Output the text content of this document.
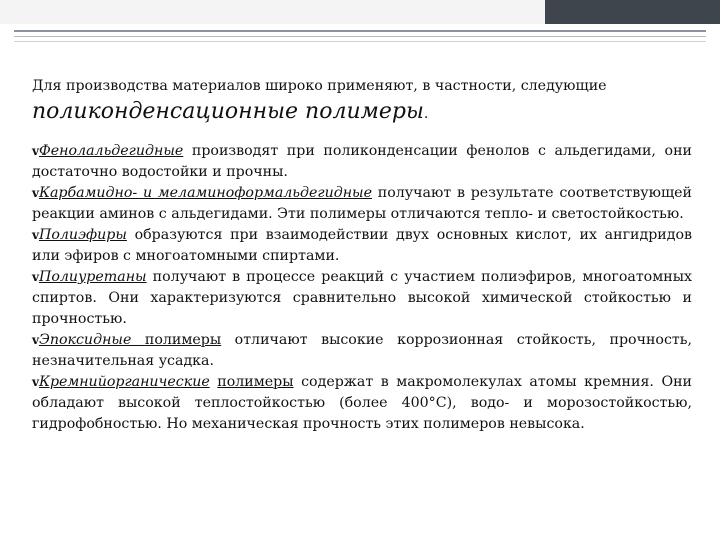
Для производства материалов широко применяют, в частности, следующие
поликонденсационные полимеры.

vФенолальдегидные производят при поликонденсации фенолов с альдегидами, они достаточно водостойки и прочны.

vКарбамидно- и меламиноформальдегидные получают в результате соответствующей реакции аминов с альдегидами. Эти полимеры отличаются тепло- и светостойкостью.

vПолиэфиры образуются при взаимодействии двух основных кислот, их ангидридов или эфиров с многоатомными спиртами.

vПолиуретаны получают в процессе реакций с участием полиэфиров, многоатомных спиртов. Они характеризуются сравнительно высокой химической стойкостью и прочностью.

vЭпоксидные полимеры отличают высокие коррозионная стойкость, прочность, незначительная усадка.

vКремнийорганические полимеры содержат в макромолекулах атомы кремния. Они обладают высокой теплостойкостью (более 400°С), водо- и морозостойкостью, гидрофобностью. Но механическая прочность этих полимеров невысока.
